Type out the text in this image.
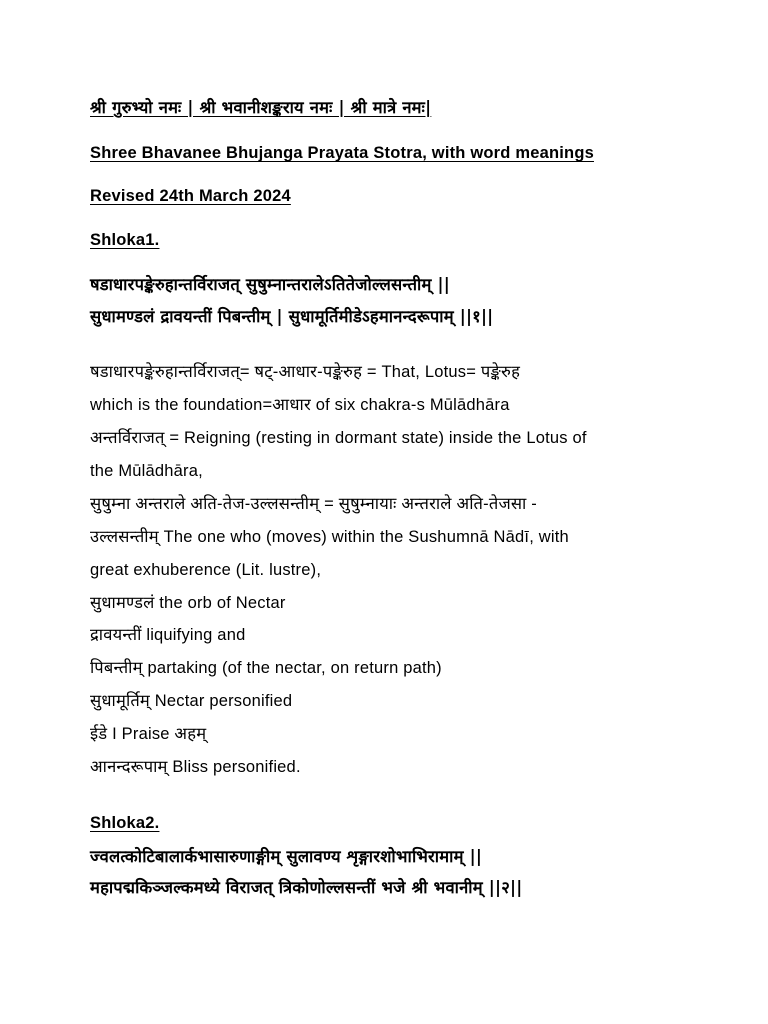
श्री गुरुभ्यो नमः | श्री भवानीशङ्कराय नमः | श्री मात्रे नमः|
Shree Bhavanee Bhujanga Prayata Stotra, with word meanings
Revised 24th March 2024
Shloka1.
षडाधारपङ्केरुहान्तर्विराजत् सुषुम्नान्तरालेऽतितेजोल्लसन्तीम् ||
सुधामण्डलं द्रावयन्तीं पिबन्तीम् | सुधामूर्तिमीडेऽहमानन्दरूपाम् ||१||
षडाधारपङ्केरुहान्तर्विराजत्= षट्-आधार-पङ्केरुह = That, Lotus= पङ्केरुह
which is the foundation=आधार of six chakra-s Mūlādhāra
अन्तर्विराजत् = Reigning (resting in dormant state) inside the Lotus of
the Mūlādhāra,
सुषुम्ना अन्तराले अति-तेज-उल्लसन्तीम् = सुषुम्नायाः अन्तराले अति-तेजसा -
उल्लसन्तीम् The one who (moves) within the Sushumnā Nādī, with
great exhuberence (Lit. lustre),
सुधामण्डलं the orb of Nectar
द्रावयन्तीं liquifying and
पिबन्तीम् partaking (of the nectar, on return path)
सुधामूर्तिम् Nectar personified
ईडे I Praise अहम्
आनन्दरूपाम् Bliss personified.
Shloka2.
ज्वलत्कोटिबालार्कभासारुणाङ्गीम् सुलावण्य शृङ्गारशोभाभिरामाम् ||
महापद्मकिञ्जल्कमध्ये विराजत् त्रिकोणोल्लसन्तीं भजे श्री भवानीम् ||२||
